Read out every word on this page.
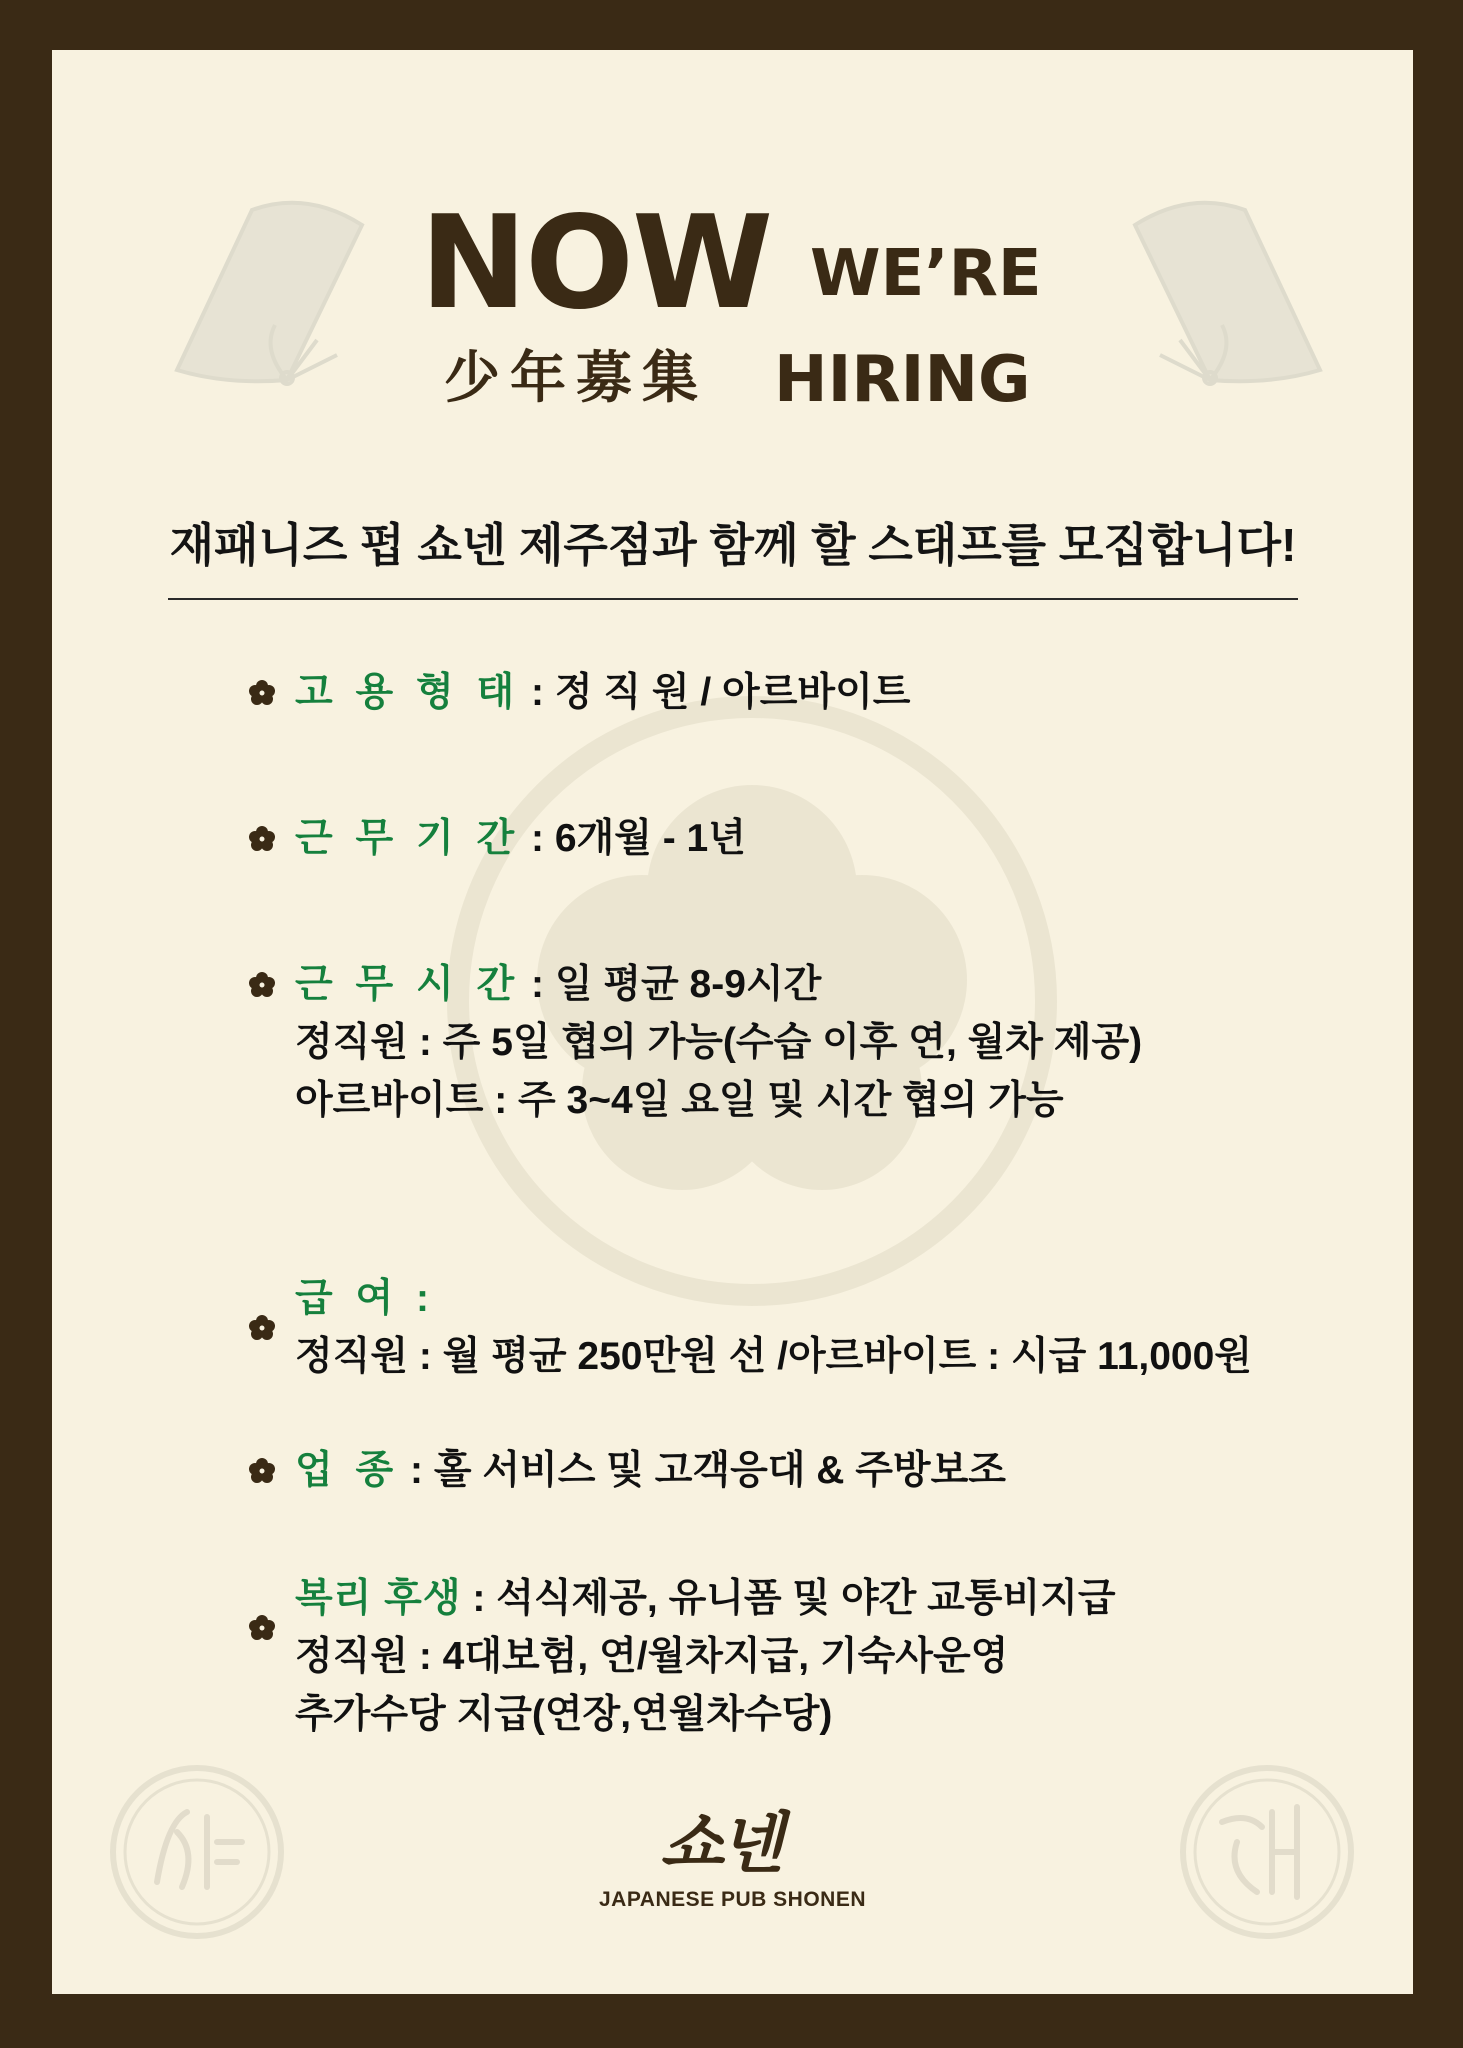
NOW WE’RE
少年募集 HIRING
재패니즈 펍 쇼넨 제주점과 함께 할 스태프를 모집합니다!
고 용 형 태 : 정 직 원 / 아르바이트
근 무 기 간 : 6개월 - 1년
근 무 시 간 : 일 평균 8-9시간
정직원 : 주 5일 협의 가능(수습 이후 연, 월차 제공)
아르바이트 : 주 3~4일 요일 및 시간 협의 가능
급 여 :
정직원 : 월 평균 250만원 선 /아르바이트 : 시급 11,000원
업 종 : 홀 서비스 및 고객응대 & 주방보조
복리 후생 : 석식제공, 유니폼 및 야간 교통비지급
정직원 : 4대보험, 연/월차지급, 기숙사운영
추가수당 지급(연장,연월차수당)
쇼넨
JAPANESE PUB SHONEN
